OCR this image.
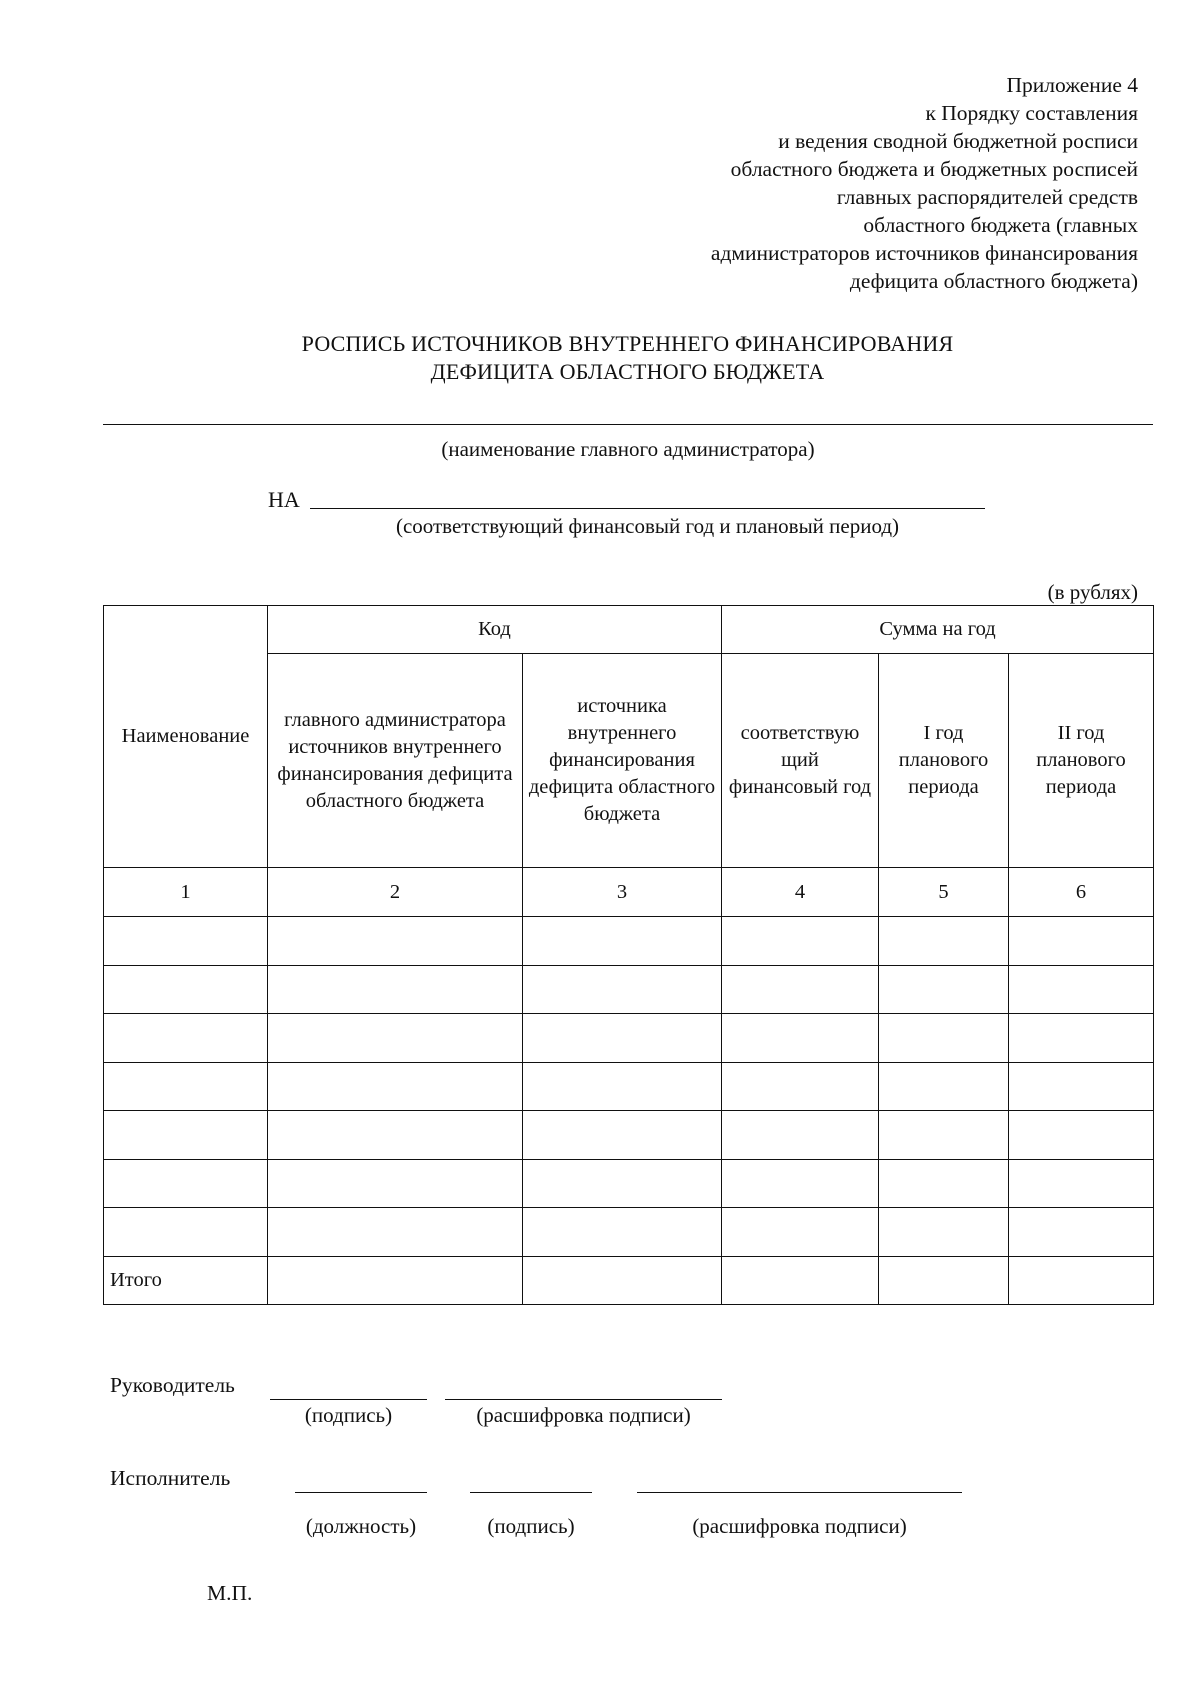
Приложение 4
к Порядку составления
и ведения сводной бюджетной росписи
областного бюджета и бюджетных росписей
главных распорядителей средств
областного бюджета (главных
администраторов источников финансирования
дефицита областного бюджета)
РОСПИСЬ ИСТОЧНИКОВ ВНУТРЕННЕГО ФИНАНСИРОВАНИЯ
ДЕФИЦИТА ОБЛАСТНОГО БЮДЖЕТА
(наименование главного администратора)
НА
(соответствующий финансовый год и плановый период)
(в рублях)
Наименование	Код		Сумма на год		
	главного администратора источников внутреннего финансирования дефицита областного бюджета	источника внутреннего финансирования дефицита областного бюджета	соответствую щий финансовый год	I год планового периода	II год планового периода
1	2	3	4	5	6

Итого					
Руководитель
(подпись)	(расшифровка подписи)
Исполнитель
(должность)	(подпись)	(расшифровка подписи)
М.П.
